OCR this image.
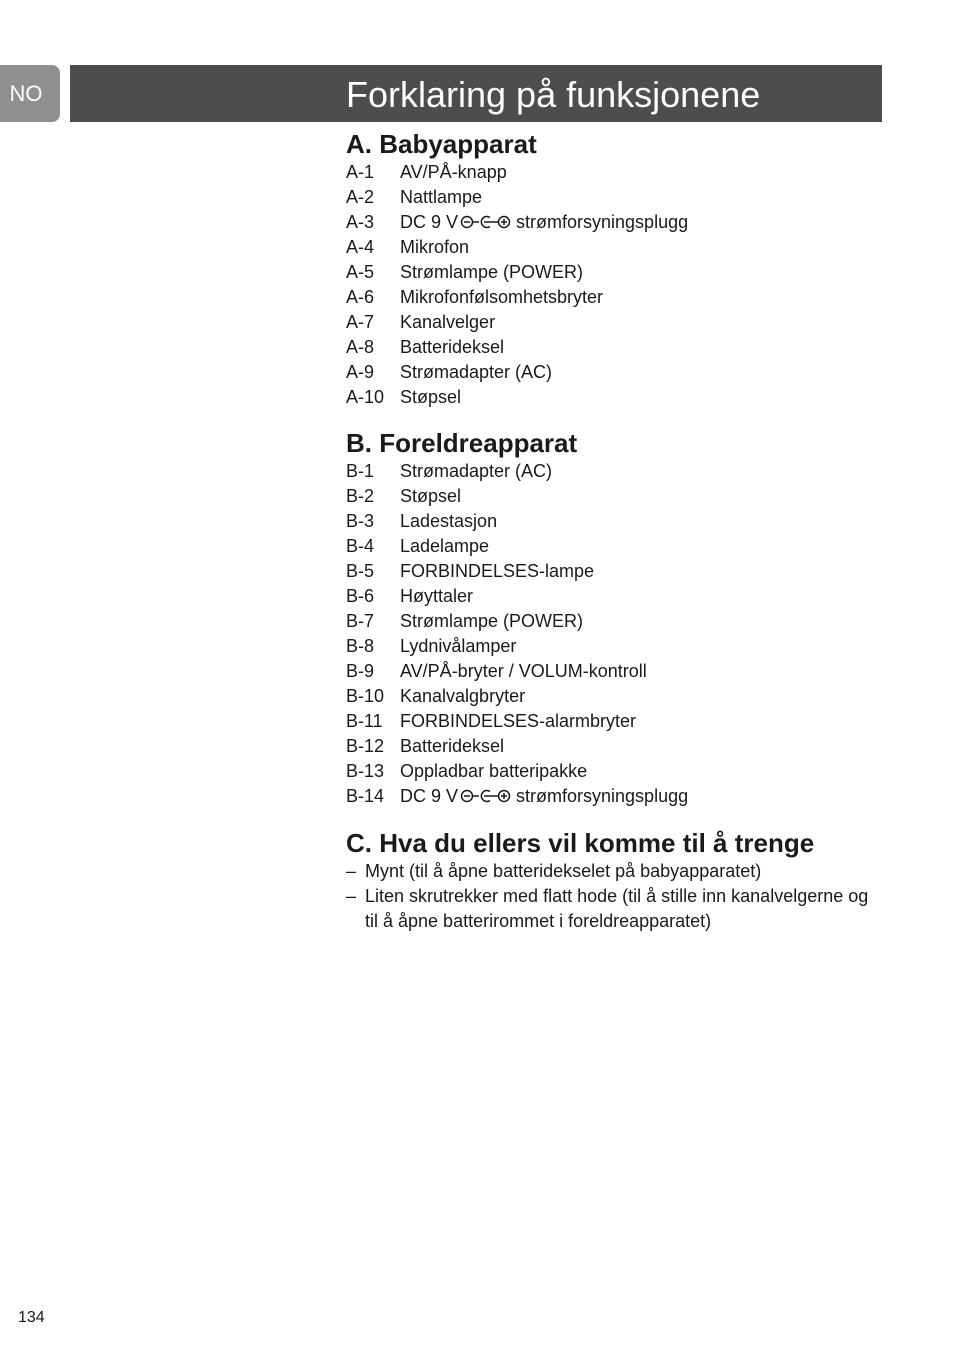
NO	Forklaring på funksjonene
A. Babyapparat
A-1	AV/PÅ-knapp
A-2	Nattlampe
A-3	DC 9 V	strømforsyningsplugg
A-4	Mikrofon
A-5	Strømlampe (POWER)
A-6	Mikrofonfølsomhetsbryter
A-7	Kanalvelger
A-8	Batterideksel
A-9	Strømadapter (AC)
A-10 Støpsel
B. Foreldreapparat
B-1	Strømadapter (AC)
B-2	Støpsel
B-3	Ladestasjon
B-4	Ladelampe
B-5	FORBINDELSES-lampe
B-6	Høyttaler
B-7	Strømlampe (POWER)
B-8	Lydnivålamper
B-9	AV/PÅ-bryter / VOLUM-kontroll
B-10 Kanalvalgbryter
B-11 FORBINDELSES-alarmbryter
B-12 Batterideksel
B-13 Oppladbar batteripakke
B-14 DC 9 V	strømforsyningsplugg
C. Hva du ellers vil komme til å trenge
– Mynt (til å åpne batteridekselet på babyapparatet)
– Liten skrutrekker med flatt hode (til å stille inn kanalvelgerne og til å åpne batterirommet i foreldreapparatet)
134
